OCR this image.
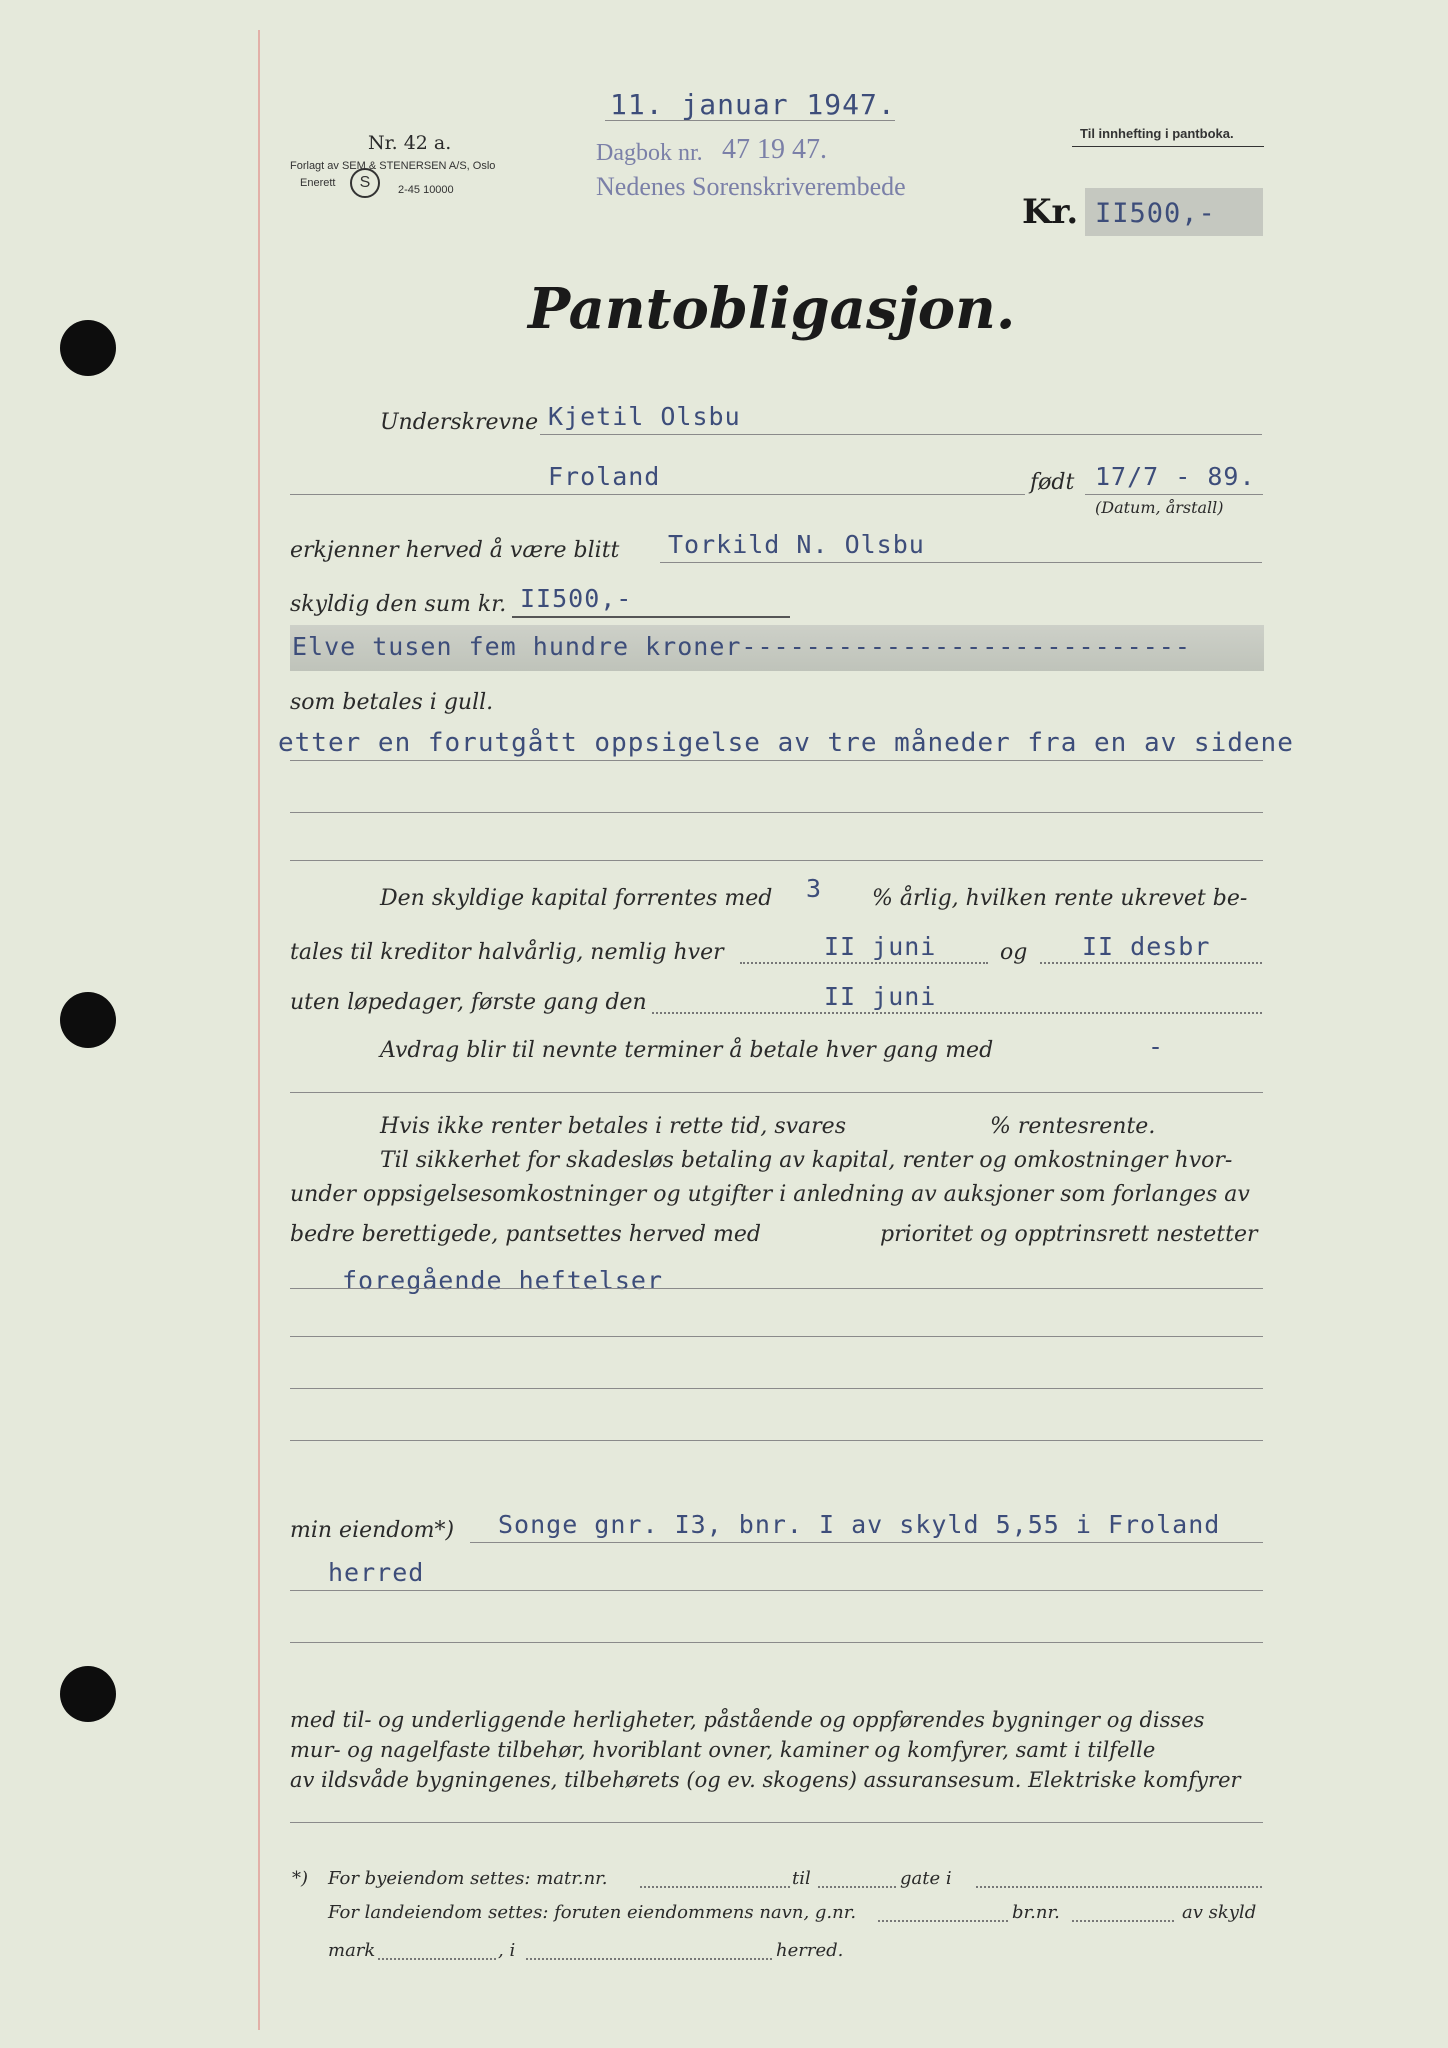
11. januar 1947.
Nr. 42 a.
Forlagt av SEM & STENERSEN A/S, Oslo
Enerett	S	2-45 10000
Dagbok nr. 47 19 47.
Nedenes Sorenskriverembede
Til innhefting i pantboka.
Kr. II500,-
Pantobligasjon.
Underskrevne Kjetil Olsbu
Froland	født 17/7 - 89.
(Datum, årstall)
erkjenner herved å være blitt Torkild N. Olsbu
skyldig den sum kr. II500,-
Elve tusen fem hundre kroner----------------------------
som betales i gull.
etter en forutgått oppsigelse av tre måneder fra en av sidene
Den skyldige kapital forrentes med 3 % årlig, hvilken rente ukrevet be-
tales til kreditor halvårlig, nemlig hver	II juni	og II desbr
uten løpedager, første gang den	II juni
Avdrag blir til nevnte terminer å betale hver gang med	-
Hvis ikke renter betales i rette tid, svares	% rentesrente.
Til sikkerhet for skadesløs betaling av kapital, renter og omkostninger hvor-
under oppsigelsesomkostninger og utgifter i anledning av auksjoner som forlanges av
bedre berettigede, pantsettes herved med	prioritet og opptrinsrett nestetter
foregående heftelser
min eiendom*) Songe gnr. I3, bnr. I av skyld 5,55 i Froland
herred
med til- og underliggende herligheter, påstående og oppførendes bygninger og disses
mur- og nagelfaste tilbehør, hvoriblant ovner, kaminer og komfyrer, samt i tilfelle
av ildsvåde bygningenes, tilbehørets (og ev. skogens) assuransesum. Elektriske komfyrer
*) For byeiendom settes: matr.nr.	til	gate i
For landeiendom settes: foruten eiendommens navn, g.nr.	br.nr.	av skyld
mark	, i	herred.
